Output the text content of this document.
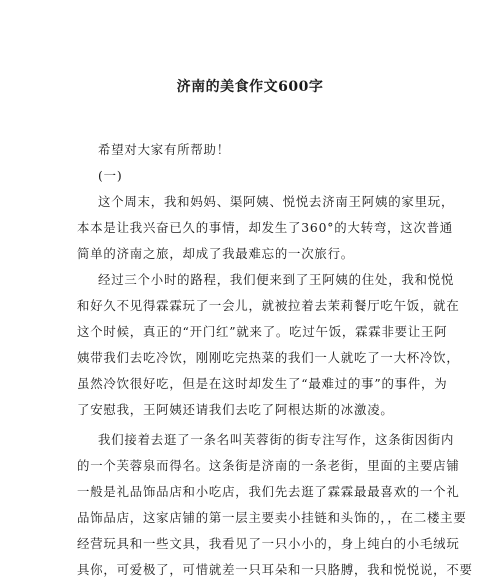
济南的美食作文600字
希望对大家有所帮助！
(一)
这个周末，我和妈妈、渠阿姨、悦悦去济南王阿姨的家里玩，
本本是让我兴奋已久的事情，却发生了360°的大转弯，这次普通
简单的济南之旅，却成了我最难忘的一次旅行。
经过三个小时的路程，我们便来到了王阿姨的住处，我和悦悦
和好久不见得霖霖玩了一会儿，就被拉着去茉莉餐厅吃午饭，就在
这个时候，真正的“开门红”就来了。吃过午饭，霖霖非要让王阿
姨带我们去吃冷饮，刚刚吃完热菜的我们一人就吃了一大杯冷饮，
虽然冷饮很好吃，但是在这时却发生了“最难过的事”的事件，为
了安慰我，王阿姨还请我们去吃了阿根达斯的冰激凌。
我们接着去逛了一条名叫芙蓉街的街专注写作，这条街因街内
的一个芙蓉泉而得名。这条街是济南的一条老街，里面的主要店铺
一般是礼品饰品店和小吃店，我们先去逛了霖霖最最喜欢的一个礼
品饰品店，这家店铺的第一层主要卖小挂链和头饰的，，在二楼主要
经营玩具和一些文具，我看见了一只小小的，身上纯白的小毛绒玩
具你，可爱极了，可惜就差一只耳朵和一只胳膊，我和悦悦说，不要
